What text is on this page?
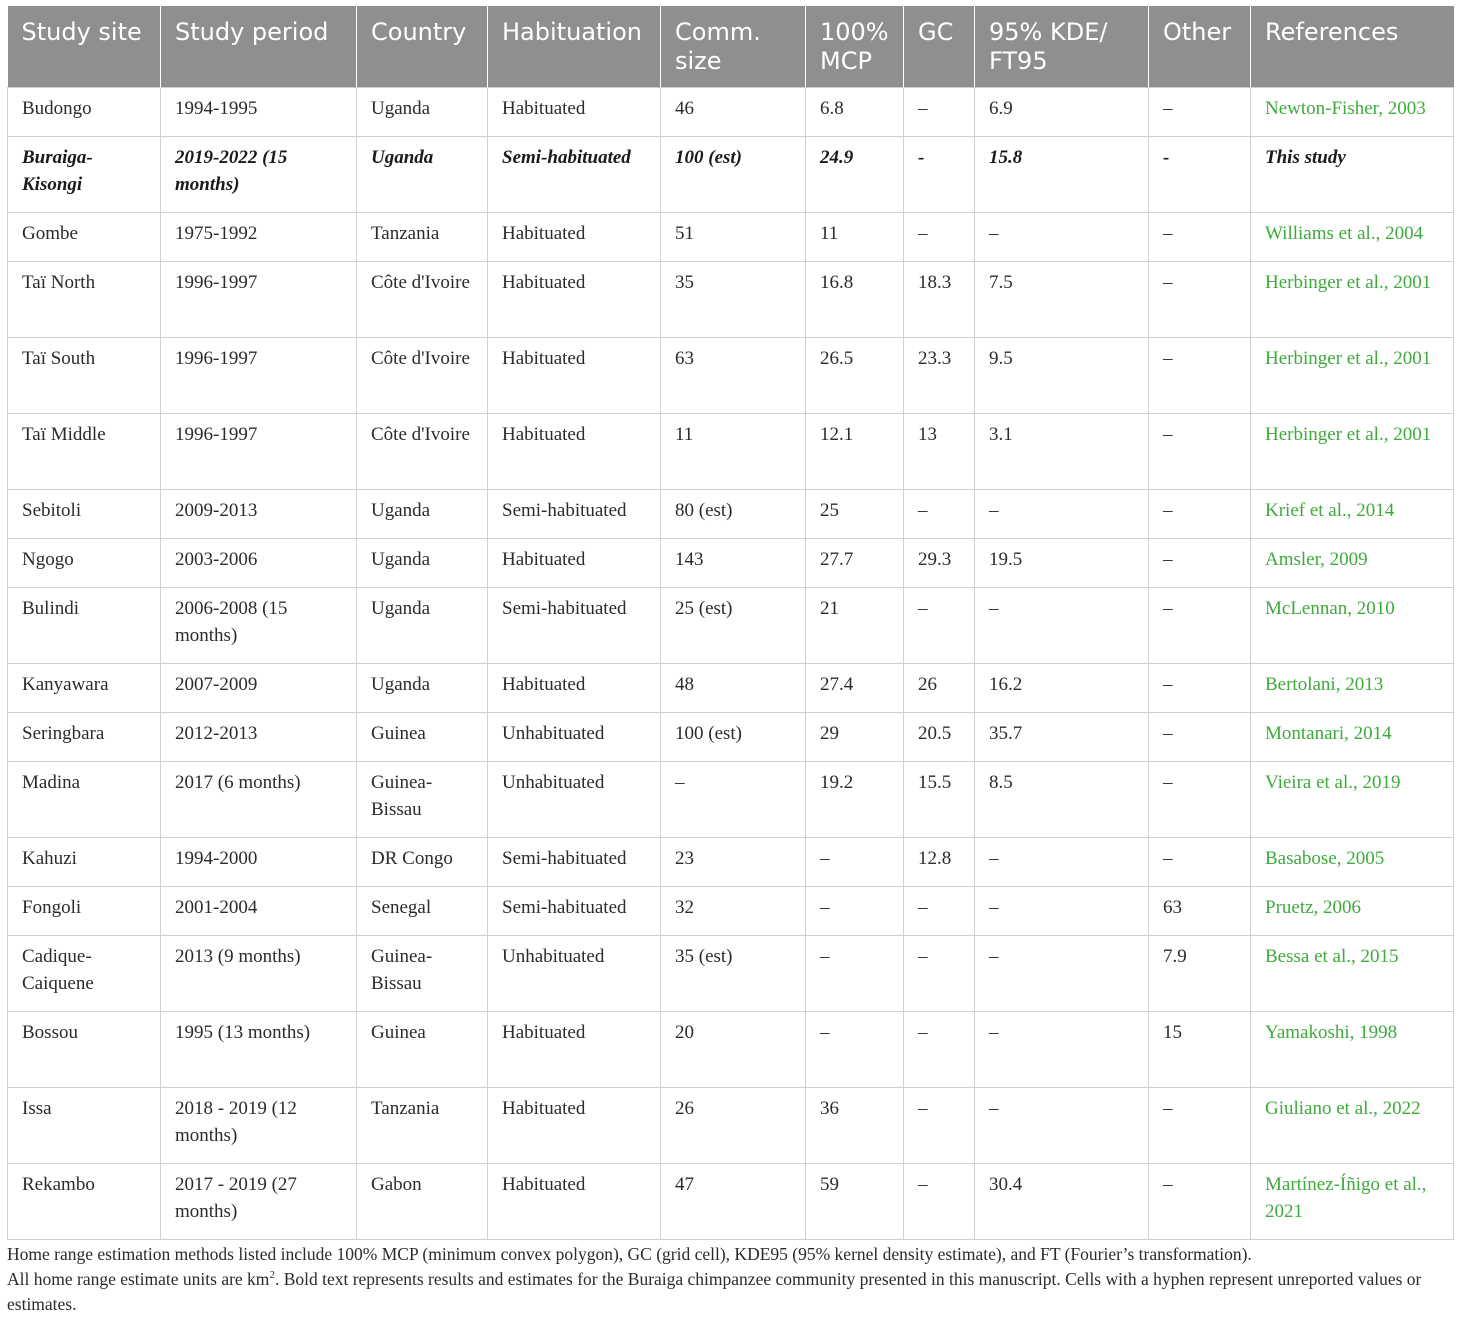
Study site	Study period	Country	Habituation	Comm. size	100% MCP	GC	95% KDE/ FT95	Other	References
Budongo	1994-1995	Uganda	Habituated	46	6.8	–	6.9	–	Newton-Fisher, 2003
Buraiga-Kisongi	2019-2022 (15 months)	Uganda	Semi-habituated	100 (est)	24.9	-	15.8	-	This study
Gombe	1975-1992	Tanzania	Habituated	51	11	–	–	–	Williams et al., 2004
Taï North	1996-1997	Côte d'Ivoire	Habituated	35	16.8	18.3	7.5	–	Herbinger et al., 2001
Taï South	1996-1997	Côte d'Ivoire	Habituated	63	26.5	23.3	9.5	–	Herbinger et al., 2001
Taï Middle	1996-1997	Côte d'Ivoire	Habituated	11	12.1	13	3.1	–	Herbinger et al., 2001
Sebitoli	2009-2013	Uganda	Semi-habituated	80 (est)	25	–	–	–	Krief et al., 2014
Ngogo	2003-2006	Uganda	Habituated	143	27.7	29.3	19.5	–	Amsler, 2009
Bulindi	2006-2008 (15 months)	Uganda	Semi-habituated	25 (est)	21	–	–	–	McLennan, 2010
Kanyawara	2007-2009	Uganda	Habituated	48	27.4	26	16.2	–	Bertolani, 2013
Seringbara	2012-2013	Guinea	Unhabituated	100 (est)	29	20.5	35.7	–	Montanari, 2014
Madina	2017 (6 months)	Guinea-Bissau	Unhabituated	–	19.2	15.5	8.5	–	Vieira et al., 2019
Kahuzi	1994-2000	DR Congo	Semi-habituated	23	–	12.8	–	–	Basabose, 2005
Fongoli	2001-2004	Senegal	Semi-habituated	32	–	–	–	63	Pruetz, 2006
Cadique-Caiquene	2013 (9 months)	Guinea-Bissau	Unhabituated	35 (est)	–	–	–	7.9	Bessa et al., 2015
Bossou	1995 (13 months)	Guinea	Habituated	20	–	–	–	15	Yamakoshi, 1998
Issa	2018 - 2019 (12 months)	Tanzania	Habituated	26	36	–	–	–	Giuliano et al., 2022
Rekambo	2017 - 2019 (27 months)	Gabon	Habituated	47	59	–	30.4	–	Martínez-Íñigo et al., 2021

Home range estimation methods listed include 100% MCP (minimum convex polygon), GC (grid cell), KDE95 (95% kernel density estimate), and FT (Fourier’s transformation).

All home range estimate units are $km^2$. Bold text represents results and estimates for the Buraiga chimpanzee community presented in this manuscript. Cells with a hyphen represent unreported values or estimates.
